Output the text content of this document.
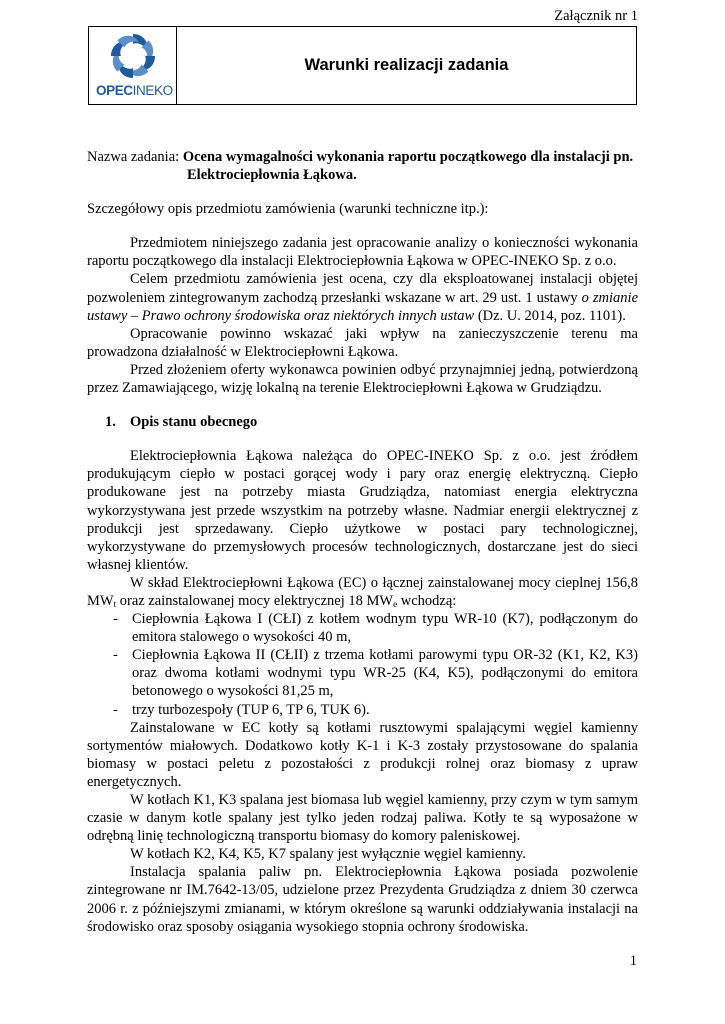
Załącznik nr 1
OPECINEKO
Warunki realizacji zadania

Nazwa zadania: Ocena wymagalności wykonania raportu początkowego dla instalacji pn.

Elektrociepłownia Łąkowa.

Szczegółowy opis przedmiotu zamówienia (warunki techniczne itp.):

Przedmiotem niniejszego zadania jest opracowanie analizy o konieczności wykonania raportu początkowego dla instalacji Elektrociepłownia Łąkowa w OPEC-INEKO Sp. z o.o.

Celem przedmiotu zamówienia jest ocena, czy dla eksploatowanej instalacji objętej pozwoleniem zintegrowanym zachodzą przesłanki wskazane w art. 29 ust. 1 ustawy o zmianie ustawy – Prawo ochrony środowiska oraz niektórych innych ustaw (Dz. U. 2014, poz. 1101).

Opracowanie powinno wskazać jaki wpływ na zanieczyszczenie terenu ma prowadzona działalność w Elektrociepłowni Łąkowa.

Przed złożeniem oferty wykonawca powinien odbyć przynajmniej jedną, potwierdzoną przez Zamawiającego, wizję lokalną na terenie Elektrociepłowni Łąkowa w Grudziądzu.

1. Opis stanu obecnego

Elektrociepłownia Łąkowa należąca do OPEC-INEKO Sp. z o.o. jest źródłem produkującym ciepło w postaci gorącej wody i pary oraz energię elektryczną. Ciepło produkowane jest na potrzeby miasta Grudziądza, natomiast energia elektryczna wykorzystywana jest przede wszystkim na potrzeby własne. Nadmiar energii elektrycznej z produkcji jest sprzedawany. Ciepło użytkowe w postaci pary technologicznej, wykorzystywane do przemysłowych procesów technologicznych, dostarczane jest do sieci własnej klientów.

W skład Elektrociepłowni Łąkowa (EC) o łącznej zainstalowanej mocy cieplnej 156,8 $MW_t$ oraz zainstalowanej mocy elektrycznej 18 $MW_e$ wchodzą:

- Ciepłownia Łąkowa I (CŁI) z kotłem wodnym typu WR-10 (K7), podłączonym do emitora stalowego o wysokości 40 m,
- Ciepłownia Łąkowa II (CŁII) z trzema kotłami parowymi typu OR-32 (K1, K2, K3) oraz dwoma kotłami wodnymi typu WR-25 (K4, K5), podłączonymi do emitora betonowego o wysokości 81,25 m,
- trzy turbozespoły (TUP 6, TP 6, TUK 6).

Zainstalowane w EC kotły są kotłami rusztowymi spalającymi węgiel kamienny sortymentów miałowych. Dodatkowo kotły K-1 i K-3 zostały przystosowane do spalania biomasy w postaci peletu z pozostałości z produkcji rolnej oraz biomasy z upraw energetycznych.

W kotłach K1, K3 spalana jest biomasa lub węgiel kamienny, przy czym w tym samym czasie w danym kotle spalany jest tylko jeden rodzaj paliwa. Kotły te są wyposażone w odrębną linię technologiczną transportu biomasy do komory paleniskowej.

W kotłach K2, K4, K5, K7 spalany jest wyłącznie węgiel kamienny.

Instalacja spalania paliw pn. Elektrociepłownia Łąkowa posiada pozwolenie zintegrowane nr IM.7642-13/05, udzielone przez Prezydenta Grudziądza z dniem 30 czerwca 2006 r. z późniejszymi zmianami, w którym określone są warunki oddziaływania instalacji na środowisko oraz sposoby osiągania wysokiego stopnia ochrony środowiska.

1
